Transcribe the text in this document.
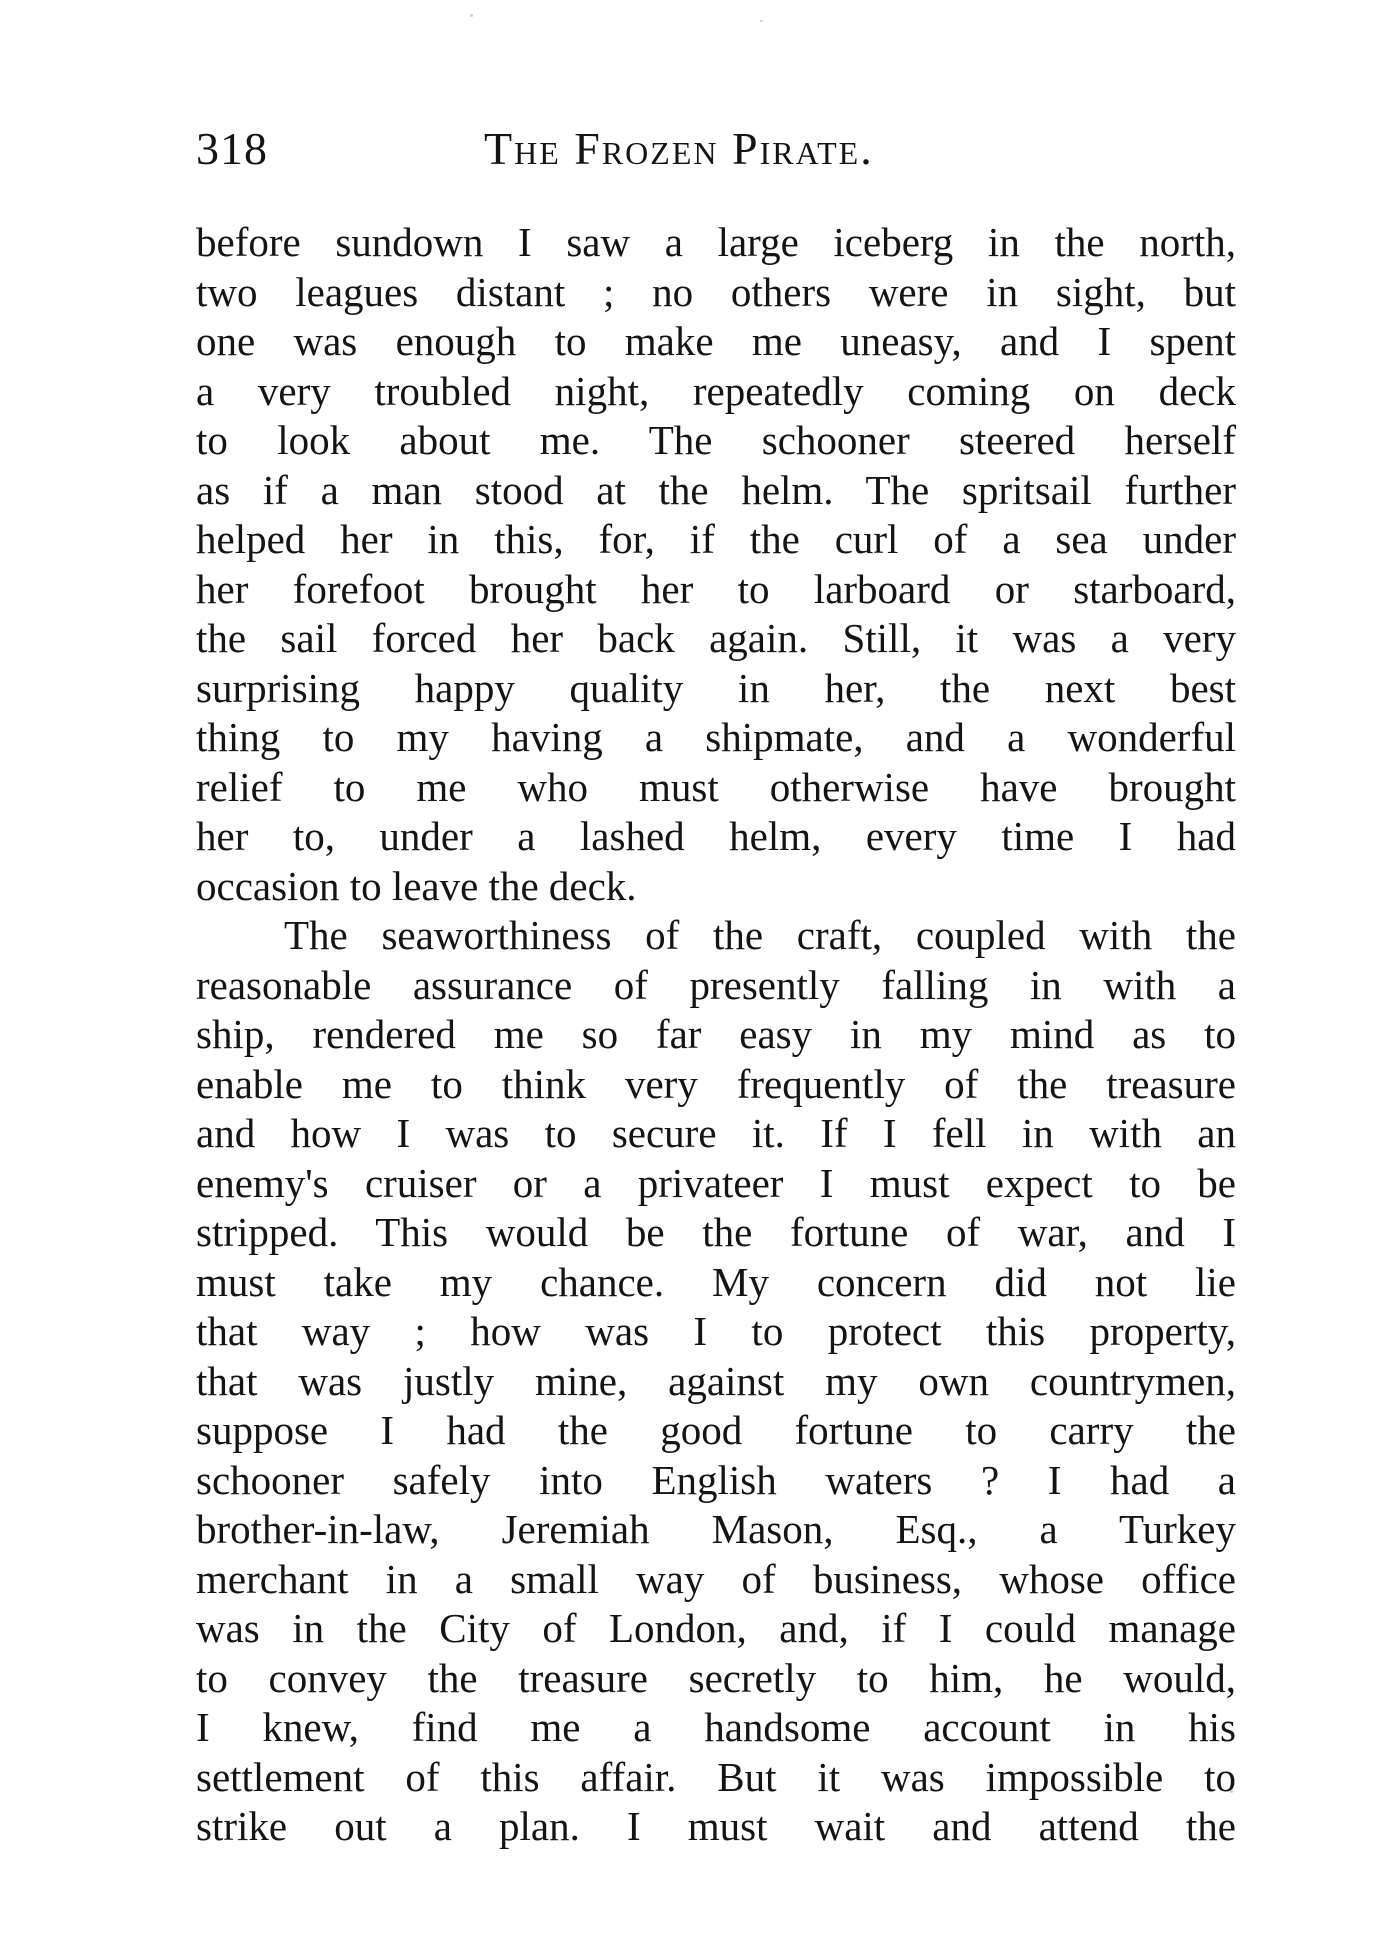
318	The Frozen Pirate.
before sundown I saw a large iceberg in the north,
two leagues distant ; no others were in sight, but
one was enough to make me uneasy, and I spent
a very troubled night, repeatedly coming on deck
to look about me. The schooner steered herself
as if a man stood at the helm. The spritsail further
helped her in this, for, if the curl of a sea under
her forefoot brought her to larboard or starboard,
the sail forced her back again. Still, it was a very
surprising happy quality in her, the next best
thing to my having a shipmate, and a wonderful
relief to me who must otherwise have brought
her to, under a lashed helm, every time I had
occasion to leave the deck.
The seaworthiness of the craft, coupled with the
reasonable assurance of presently falling in with a
ship, rendered me so far easy in my mind as to
enable me to think very frequently of the treasure
and how I was to secure it. If I fell in with an
enemy's cruiser or a privateer I must expect to be
stripped. This would be the fortune of war, and I
must take my chance. My concern did not lie
that way ; how was I to protect this property,
that was justly mine, against my own countrymen,
suppose I had the good fortune to carry the
schooner safely into English waters ? I had a
brother-in-law, Jeremiah Mason, Esq., a Turkey
merchant in a small way of business, whose office
was in the City of London, and, if I could manage
to convey the treasure secretly to him, he would,
I knew, find me a handsome account in his
settlement of this affair. But it was impossible to
strike out a plan. I must wait and attend the
